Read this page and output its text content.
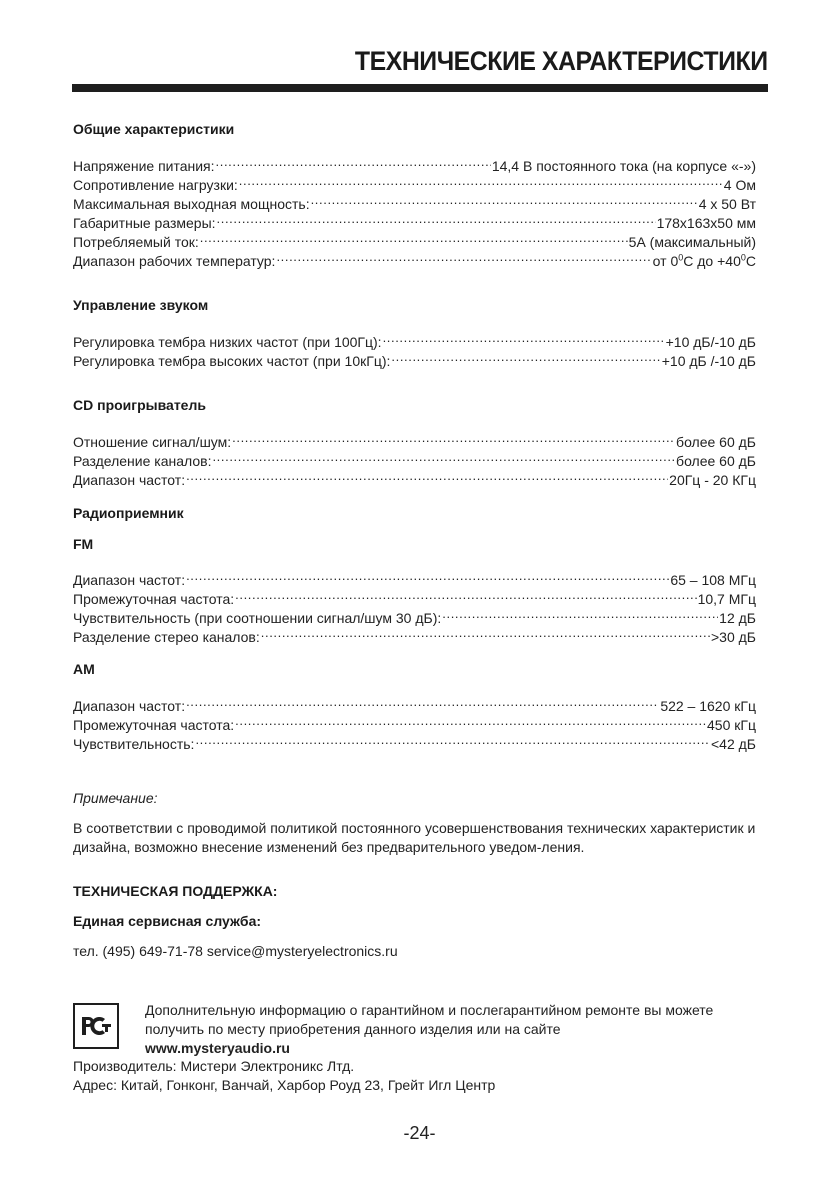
ТЕХНИЧЕСКИЕ ХАРАКТЕРИСТИКИ
Общие характеристики
Напряжение питания: .....	14,4 В постоянного тока (на корпусе «-»)
Сопротивление нагрузки: .....	4 Ом
Максимальная выходная мощность: .....	4 x 50 Вт
Габаритные размеры: .....	178x163x50 мм
Потребляемый ток: .....	5А (максимальный)
Диапазон рабочих температур: .....	от $0^0С$ до $+40^0С$
Управление звуком
Регулировка тембра низких частот (при 100Гц): .....	+10 дБ/-10 дБ
Регулировка тембра высоких частот (при 10кГц): .....	+10 дБ /-10 дБ
CD проигрыватель
Отношение сигнал/шум: .....	более 60 дБ
Разделение каналов: .....	более 60 дБ
Диапазон частот: .....	20Гц - 20 КГц
Радиоприемник
FM
Диапазон частот: .....	65 – 108 МГц
Промежуточная частота: .....	10,7 МГц
Чувствительность (при соотношении сигнал/шум 30 дБ): .....	12 дБ
Разделение стерео каналов: .....	>30 дБ
AM
Диапазон частот: .....	522 – 1620 кГц
Промежуточная частота: .....	450 кГц
Чувствительность: .....	<42 дБ
Примечание:
В соответствии с проводимой политикой постоянного усовершенствования технических характеристик и дизайна, возможно внесение изменений без предварительного уведом-ления.
ТЕХНИЧЕСКАЯ ПОДДЕРЖКА:
Единая сервисная служба:
тел. (495) 649-71-78 service@mysteryelectronics.ru
Производитель: Мистери Электроникс Лтд.
Адрес: Китай, Гонконг, Ванчай, Харбор Роуд 23, Грейт Игл Центр
Дополнительную информацию о гарантийном и послегарантийном ремонте вы можете получить по месту приобретения данного изделия или на сайте
www.mysteryaudio.ru
-24-
